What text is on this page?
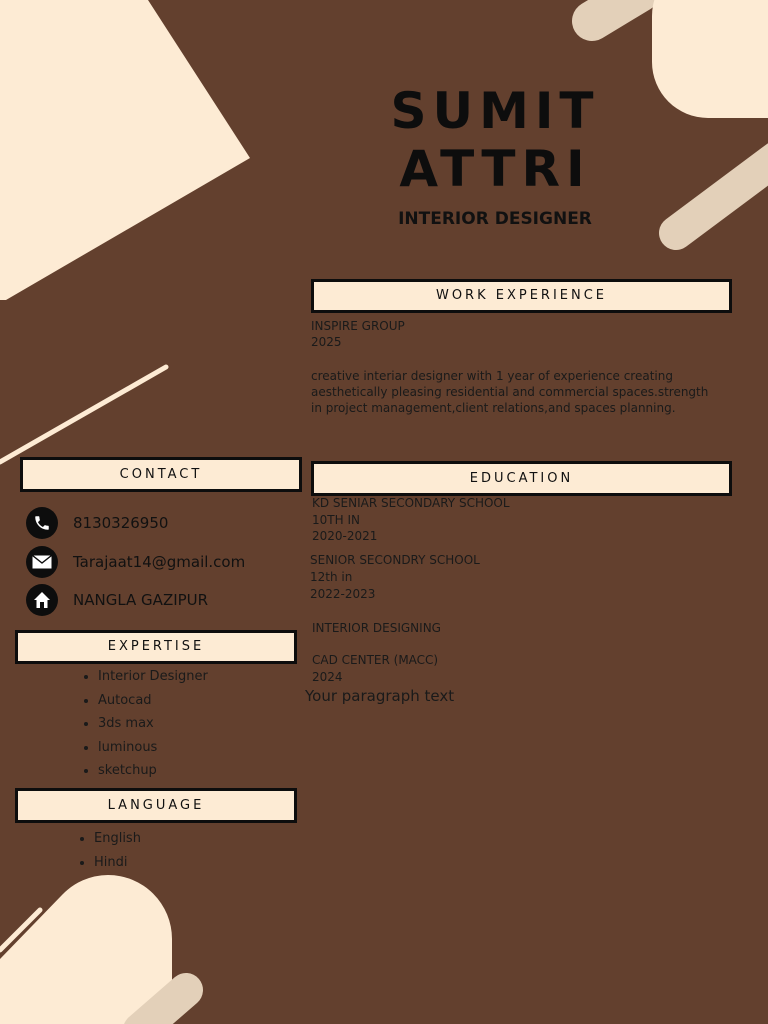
SUMIT
ATTRI
INTERIOR DESIGNER
WORK EXPERIENCE
INSPIRE GROUP
2025
creative interiar designer with 1 year of experience creating
aesthetically pleasing residential and commercial spaces.strength
in project management,client relations,and spaces planning.
CONTACT
8130326950
Tarajaat14@gmail.com
NANGLA GAZIPUR
EDUCATION
KD SENIAR SECONDARY SCHOOL
10TH IN
2020-2021
SENIOR SECONDRY SCHOOL
12th in
2022-2023
INTERIOR DESIGNING
CAD CENTER (MACC)
2024
Your paragraph text
EXPERTISE
• Interior Designer
• Autocad
• 3ds max
• luminous
• sketchup
LANGUAGE
• English
• Hindi
